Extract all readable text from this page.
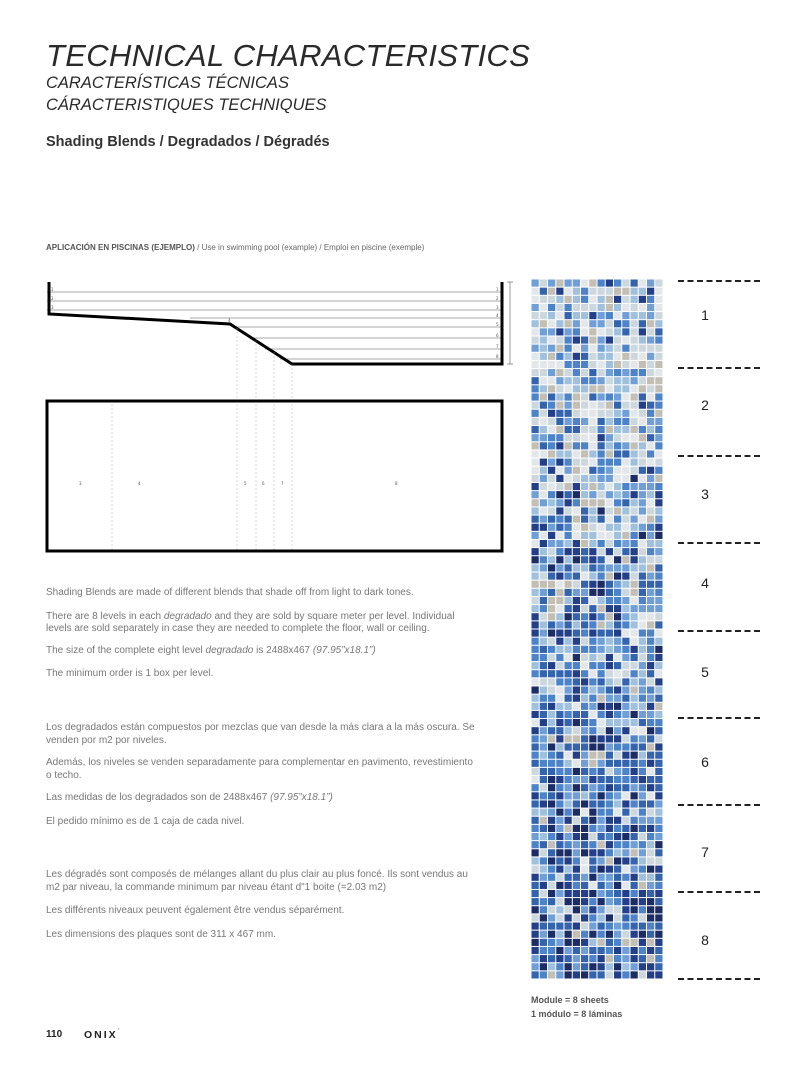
TECHNICAL CHARACTERISTICS
CARACTERÍSTICAS TÉCNICAS
CÁRACTERISTIQUES TECHNIQUES
Shading Blends / Degradados / Dégradés
APLICACIÓN EN PISCINAS (EJEMPLO) / Use in swimming pool (example) / Emploi en piscine (exemple)
1
2
3
1
2
3
4
5
6
7
8
4
3	4	5	6	7	8

Shading Blends are made of different blends that shade off from light to dark tones.

There are 8 levels in each degradado and they are sold by square meter per level. Individual levels are sold separately in case they are needed to complete the floor, wall or ceiling.

The size of the complete eight level degradado is 2488x467 (97.95”x18.1”)

The minimum order is 1 box per level.

Los degradados están compuestos por mezclas que van desde la más clara a la más oscura. Se venden por m2 por niveles.

Además, los niveles se venden separadamente para complementar en pavimento, revestimiento o techo.

Las medidas de los degradados son de 2488x467 (97.95”x18.1”)

El pedido mínimo es de 1 caja de cada nivel.

Les dégradés sont composés de mélanges allant du plus clair au plus foncé. Ils sont vendus au m2 par niveau, la commande minimum par niveau étant d"1 boite (=2.03 m2)

Les différents niveaux peuvent également être vendus séparément.

Les dimensions des plaques sont de 311 x 467 mm.

1
2
3
4
5
6
7
8
Module = 8 sheets
1 módulo = 8 láminas
110 ONIX´
